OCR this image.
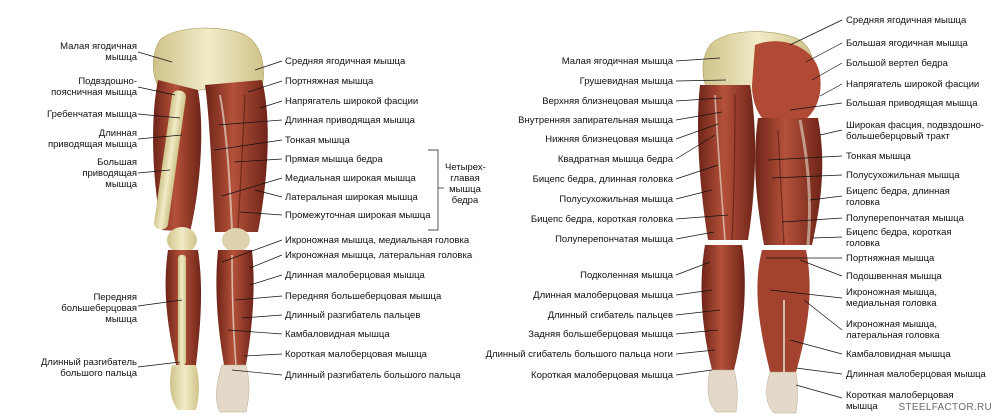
Малая ягодичная
мышца
Подвздошно-
поясничная мышца
Гребенчатая мышца
Длинная
приводящая мышца
Большая
приводящая
мышца
Передняя
большеберцовая
мышца
Длинный разгибатель
большого пальца
Средняя ягодичная мышца
Портняжная мышца
Напрягатель широкой фасции
Длинная приводящая мышца
Тонкая мышца
Прямая мышца бедра
Медиальная широкая мышца
Латеральная широкая мышца
Промежуточная широкая мышца
Икроножная мышца, медиальная головка
Икроножная мышца, латеральная головка
Длинная малоберцовая мышца
Передняя большеберцовая мышца
Длинный разгибатель пальцев
Камбаловидная мышца
Короткая малоберцовая мышца
Длинный разгибатель большого пальца
Четырех-
главая
мышца
бедра
Малая ягодичная мышца
Грушевидная мышца
Верхняя близнецовая мышца
Внутренняя запирательная мышца
Нижняя близнецовая мышца
Квадратная мышца бедра
Бицепс бедра, длинная головка
Полусухожильная мышца
Бицепс бедра, короткая головка
Полуперепончатая мышца
Подколенная мышца
Длинная малоберцовая мышца
Длинный сгибатель пальцев
Задняя большеберцовая мышца
Длинный сгибатель большого пальца ноги
Короткая малоберцовая мышца
Средняя ягодичная мышца
Большая ягодичная мышца
Большой вертел бедра
Напрягатель широкой фасции
Большая приводящая мышца
Широкая фасция, подвздошно-
большеберцовый тракт
Тонкая мышца
Полусухожильная мышца
Бицепс бедра, длинная
головка
Полуперепончатая мышца
Бицепс бедра, короткая
головка
Портняжная мышца
Подошвенная мышца
Икроножная мышца,
медиальная головка
Икроножная мышца,
латеральная головка
Камбаловидная мышца
Длинная малоберцовая мышца
Короткая малоберцовая
мышца	STEELFACTOR.RU
